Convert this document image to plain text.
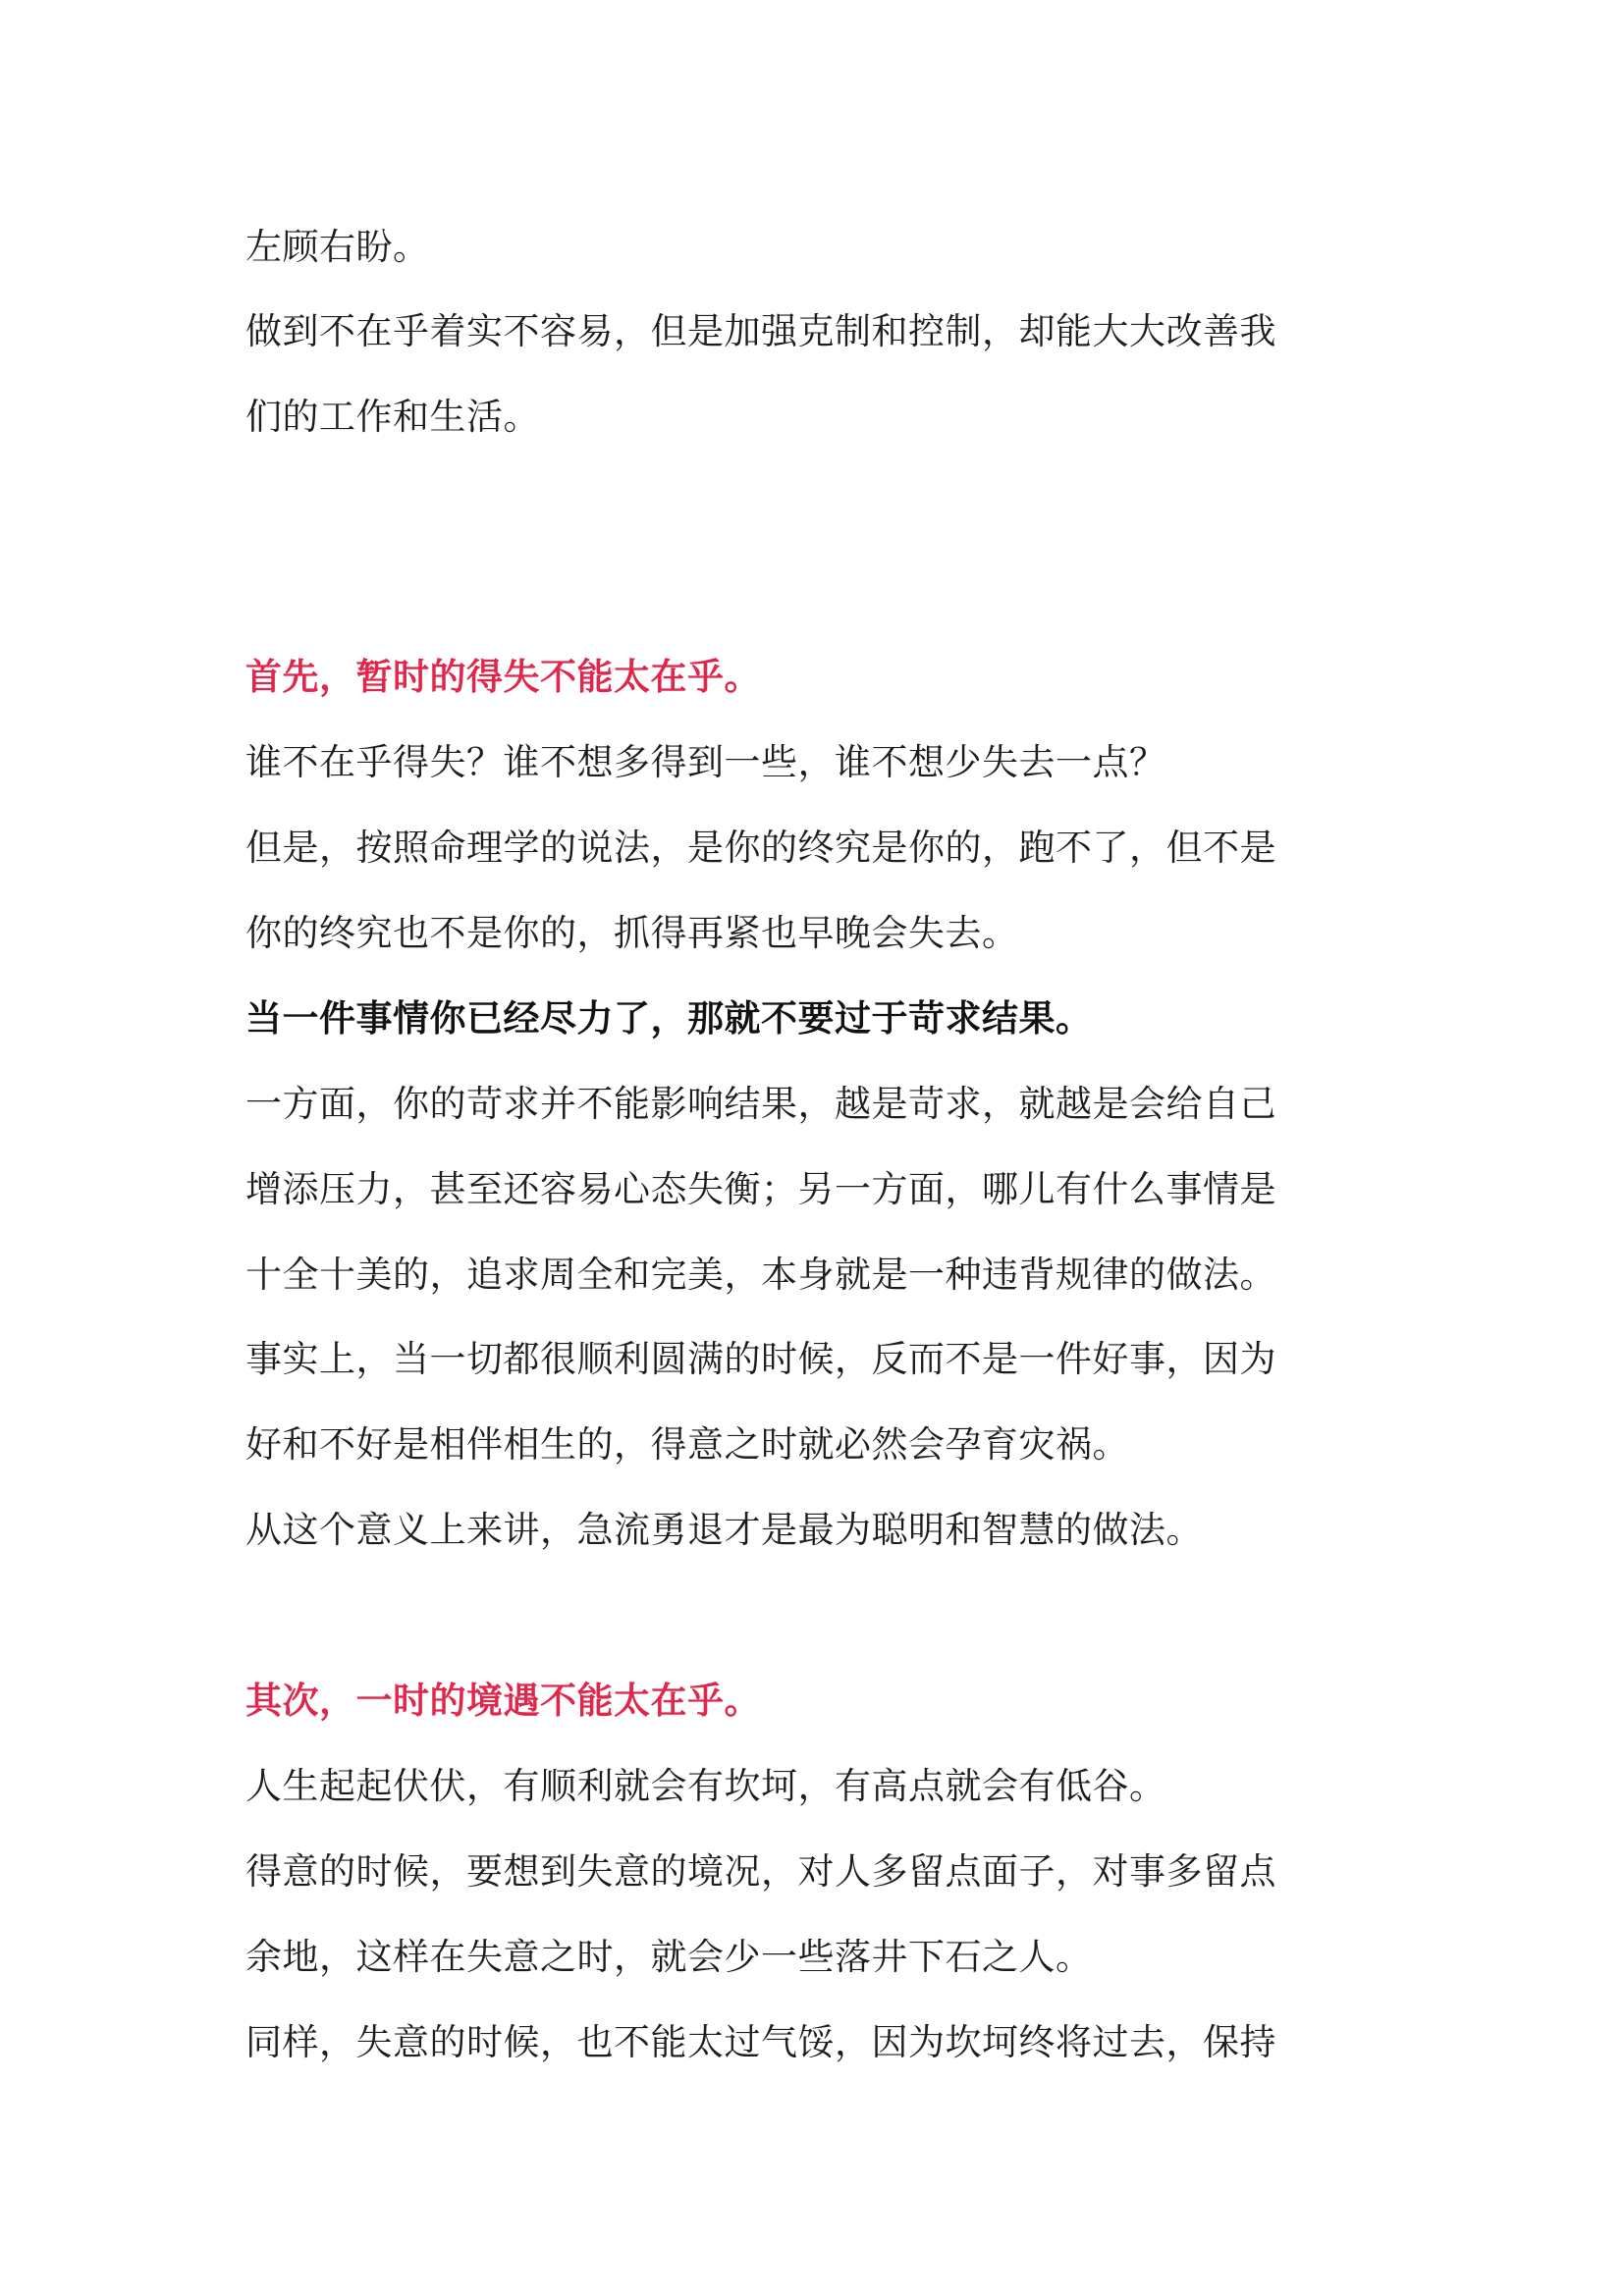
左顾右盼。
做到不在乎着实不容易，但是加强克制和控制，却能大大改善我
们的工作和生活。
首先，暂时的得失不能太在乎。
谁不在乎得失？谁不想多得到一些，谁不想少失去一点？
但是，按照命理学的说法，是你的终究是你的，跑不了，但不是
你的终究也不是你的，抓得再紧也早晚会失去。
当一件事情你已经尽力了，那就不要过于苛求结果。
一方面，你的苛求并不能影响结果，越是苛求，就越是会给自己
增添压力，甚至还容易心态失衡；另一方面，哪儿有什么事情是
十全十美的，追求周全和完美，本身就是一种违背规律的做法。
事实上，当一切都很顺利圆满的时候，反而不是一件好事，因为
好和不好是相伴相生的，得意之时就必然会孕育灾祸。
从这个意义上来讲，急流勇退才是最为聪明和智慧的做法。
其次，一时的境遇不能太在乎。
人生起起伏伏，有顺利就会有坎坷，有高点就会有低谷。
得意的时候，要想到失意的境况，对人多留点面子，对事多留点
余地，这样在失意之时，就会少一些落井下石之人。
同样，失意的时候，也不能太过气馁，因为坎坷终将过去，保持
